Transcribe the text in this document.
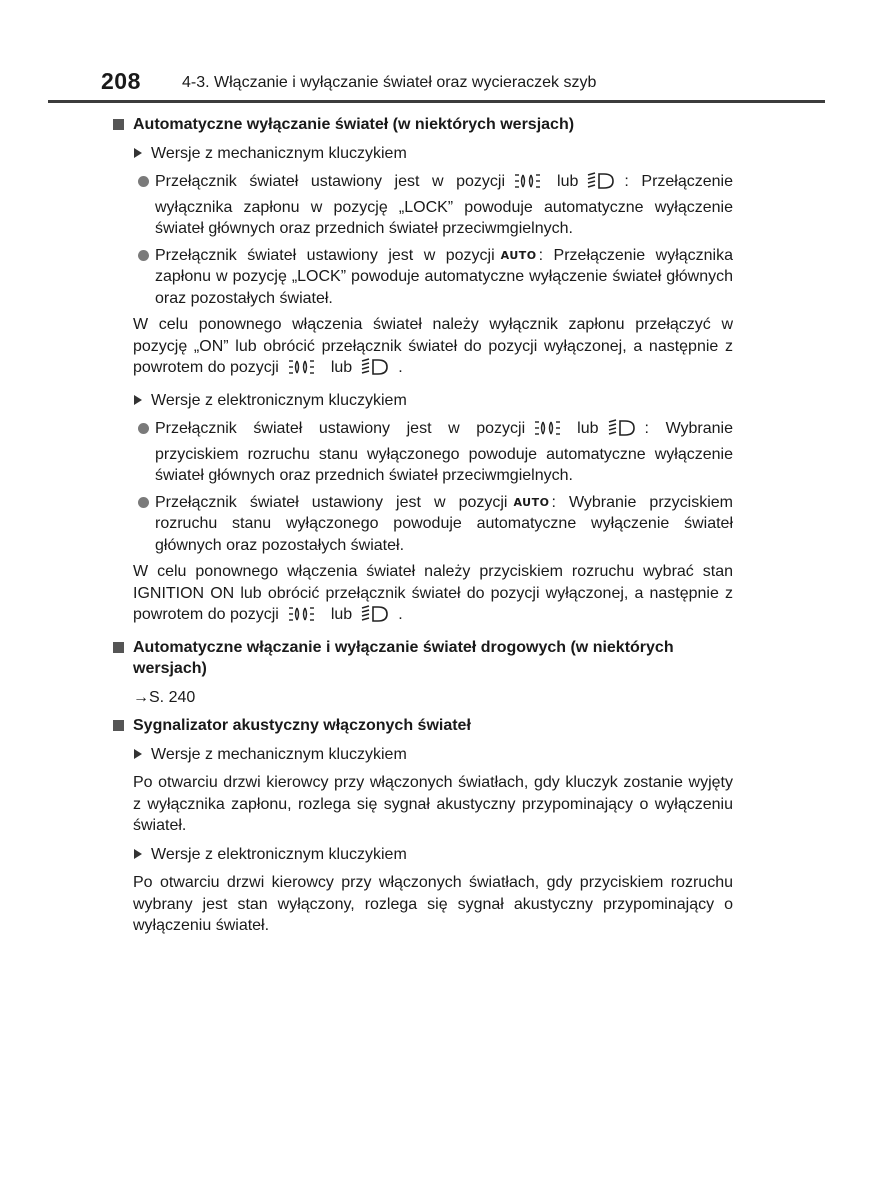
208	4-3. Włączanie i wyłączanie świateł oraz wycieraczek szyb
Automatyczne wyłączanie świateł (w niektórych wersjach)
Wersje z mechanicznym kluczykiem
Przełącznik świateł ustawiony jest w pozycji	lub	: Przełączenie wyłącznika zapłonu w pozycję „LOCK” powoduje automatyczne wyłączenie świateł głównych oraz przednich świateł przeciwmgielnych.
Przełącznik świateł ustawiony jest w pozycji AUTO : Przełączenie wyłącznika zapłonu w pozycję „LOCK” powoduje automatyczne wyłączenie świateł głównych oraz pozostałych świateł.
W celu ponownego włączenia świateł należy wyłącznik zapłonu przełączyć w pozycję „ON” lub obrócić przełącznik świateł do pozycji wyłączonej, a następnie z powrotem do pozycji	lub	.
Wersje z elektronicznym kluczykiem
Przełącznik świateł ustawiony jest w pozycji	lub	: Wybranie przyciskiem rozruchu stanu wyłączonego powoduje automatyczne wyłączenie świateł głównych oraz przednich świateł przeciwmgielnych.
Przełącznik świateł ustawiony jest w pozycji AUTO : Wybranie przyciskiem rozruchu stanu wyłączonego powoduje automatyczne wyłączenie świateł głównych oraz pozostałych świateł.
W celu ponownego włączenia świateł należy przyciskiem rozruchu wybrać stan IGNITION ON lub obrócić przełącznik świateł do pozycji wyłączonej, a następnie z powrotem do pozycji	lub	.
Automatyczne włączanie i wyłączanie świateł drogowych (w niektórych wersjach)
→S. 240
Sygnalizator akustyczny włączonych świateł
Wersje z mechanicznym kluczykiem
Po otwarciu drzwi kierowcy przy włączonych światłach, gdy kluczyk zostanie wyjęty z wyłącznika zapłonu, rozlega się sygnał akustyczny przypominający o wyłączeniu świateł.
Wersje z elektronicznym kluczykiem
Po otwarciu drzwi kierowcy przy włączonych światłach, gdy przyciskiem rozruchu wybrany jest stan wyłączony, rozlega się sygnał akustyczny przypominający o wyłączeniu świateł.
